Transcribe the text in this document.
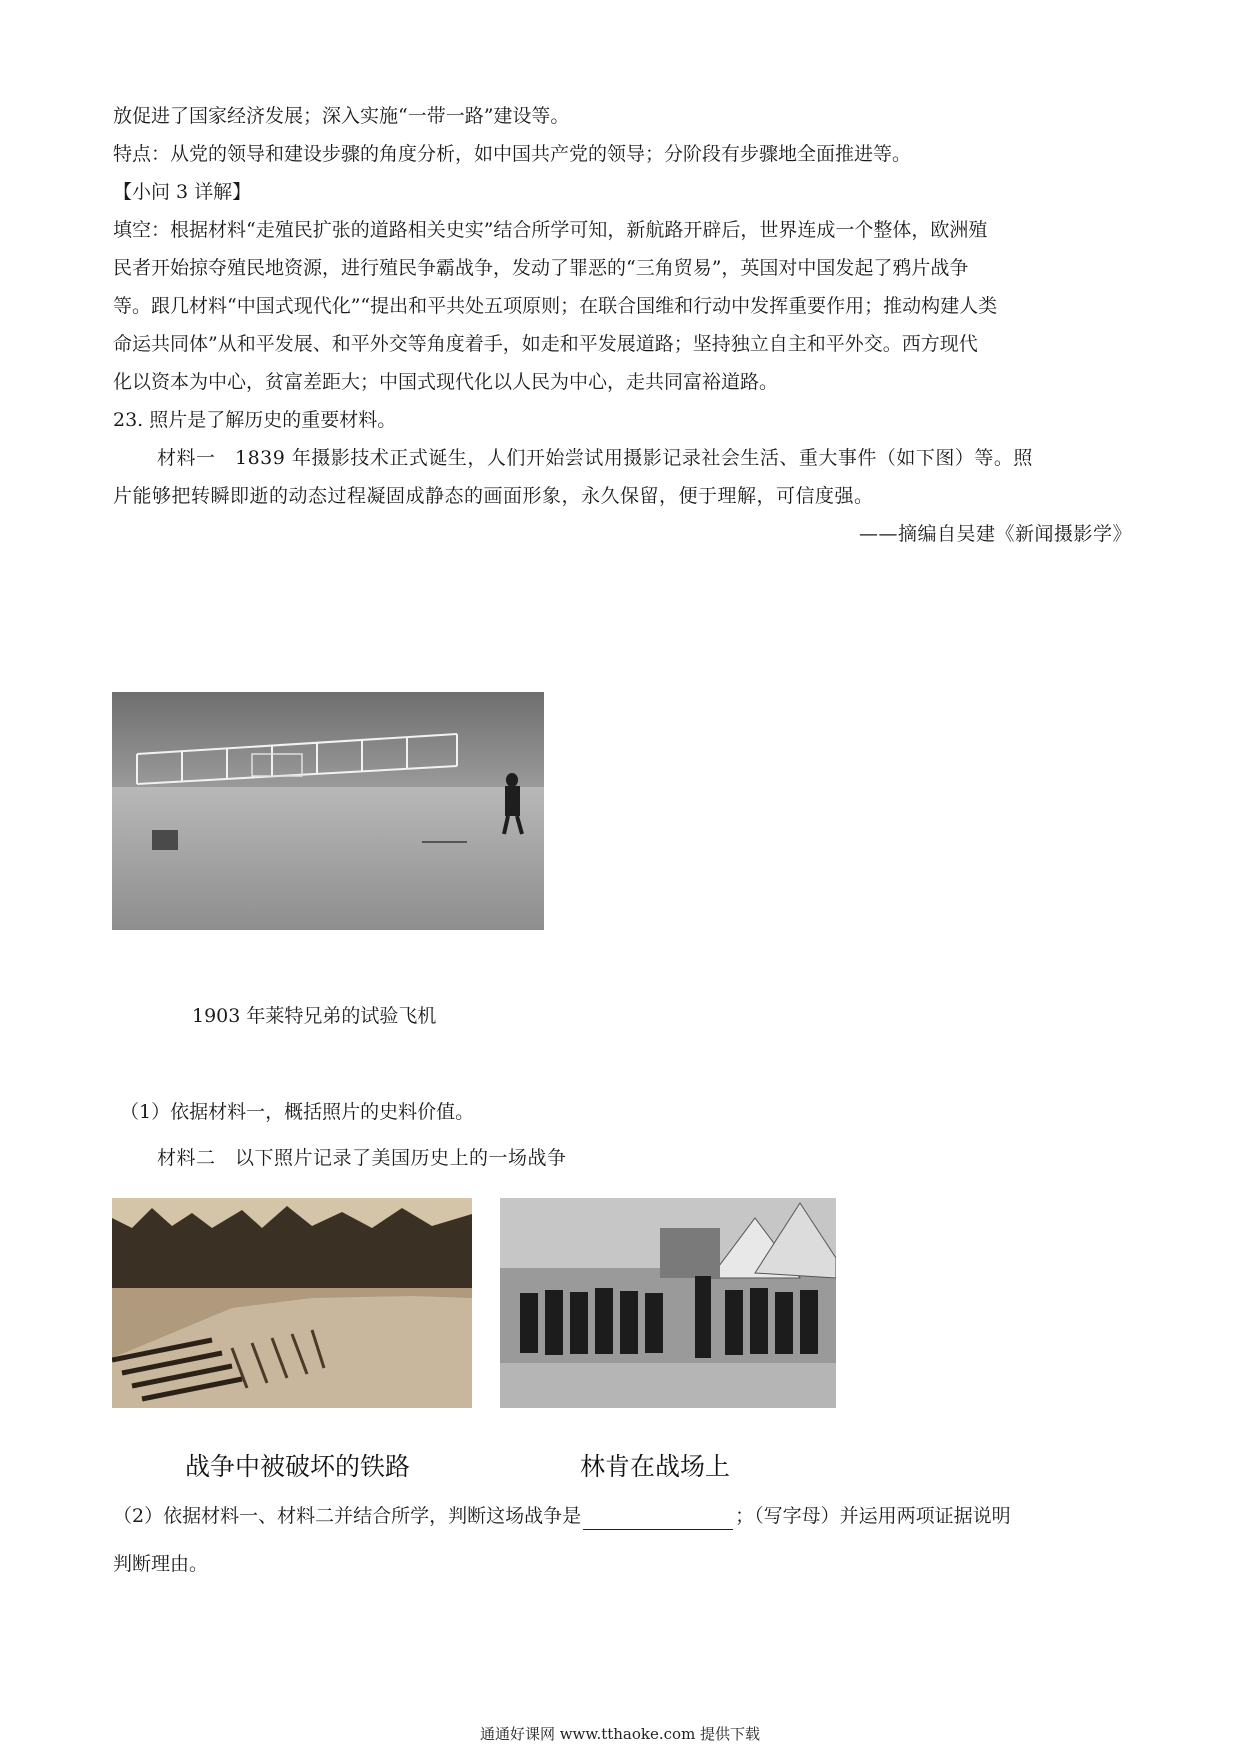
放促进了国家经济发展；深入实施“一带一路”建设等。
特点：从党的领导和建设步骤的角度分析，如中国共产党的领导；分阶段有步骤地全面推进等。
【小问 3 详解】
填空：根据材料“走殖民扩张的道路相关史实”结合所学可知，新航路开辟后，世界连成一个整体，欧洲殖
民者开始掠夺殖民地资源，进行殖民争霸战争，发动了罪恶的“三角贸易”，英国对中国发起了鸦片战争
等。跟几材料“中国式现代化”“提出和平共处五项原则；在联合国维和行动中发挥重要作用；推动构建人类
命运共同体”从和平发展、和平外交等角度着手，如走和平发展道路；坚持独立自主和平外交。西方现代
化以资本为中心，贫富差距大；中国式现代化以人民为中心，走共同富裕道路。
23. 照片是了解历史的重要材料。
材料一　1839 年摄影技术正式诞生，人们开始尝试用摄影记录社会生活、重大事件（如下图）等。照
片能够把转瞬即逝的动态过程凝固成静态的画面形象，永久保留，便于理解，可信度强。
——摘编自吴建《新闻摄影学》
1903 年莱特兄弟的试验飞机
（1）依据材料一，概括照片的史料价值。
材料二　以下照片记录了美国历史上的一场战争
战争中被破坏的铁路	林肯在战场上
（2）依据材料一、材料二并结合所学，判断这场战争是	；（写字母）并运用两项证据说明
判断理由。
通通好课网 www.tthaoke.com 提供下载
